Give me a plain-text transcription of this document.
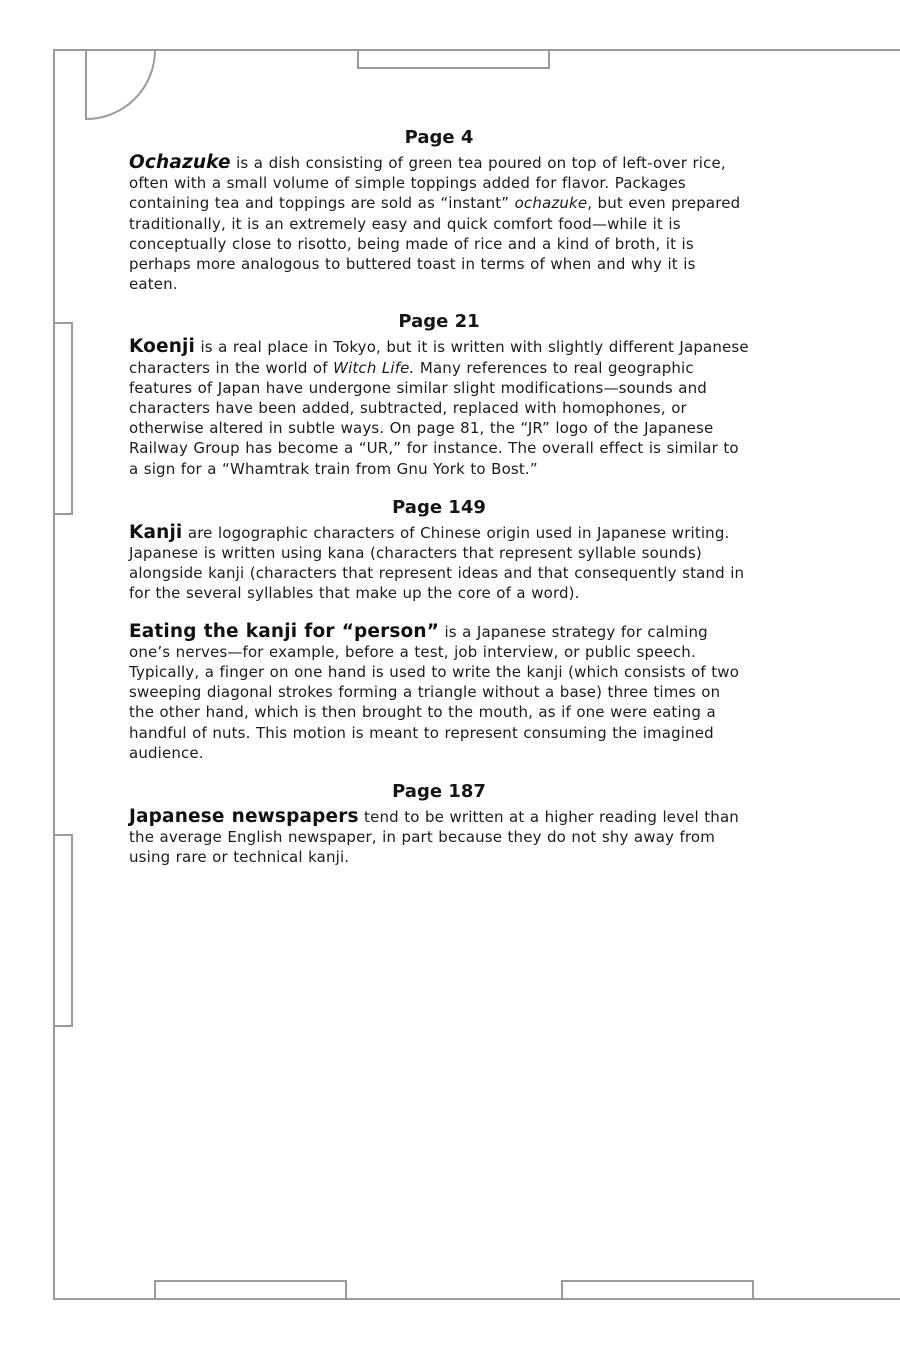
Page 4

Ochazuke is a dish consisting of green tea poured on top of left-over rice, often with a small volume of simple toppings added for flavor. Packages containing tea and toppings are sold as “instant” ochazuke, but even prepared traditionally, it is an extremely easy and quick comfort food—while it is conceptually close to risotto, being made of rice and a kind of broth, it is perhaps more analogous to buttered toast in terms of when and why it is eaten.

Page 21

Koenji is a real place in Tokyo, but it is written with slightly different Japanese characters in the world of Witch Life. Many references to real geographic features of Japan have undergone similar slight modifications—sounds and characters have been added, subtracted, replaced with homophones, or otherwise altered in subtle ways. On page 81, the “JR” logo of the Japanese Railway Group has become a “UR,” for instance. The overall effect is similar to a sign for a “Whamtrak train from Gnu York to Bost.”

Page 149

Kanji are logographic characters of Chinese origin used in Japanese writing. Japanese is written using kana (characters that represent syllable sounds) alongside kanji (characters that represent ideas and that consequently stand in for the several syllables that make up the core of a word).

Eating the kanji for “person” is a Japanese strategy for calming one’s nerves—for example, before a test, job interview, or public speech. Typically, a finger on one hand is used to write the kanji (which consists of two sweeping diagonal strokes forming a triangle without a base) three times on the other hand, which is then brought to the mouth, as if one were eating a handful of nuts. This motion is meant to represent consuming the imagined audience.

Page 187

Japanese newspapers tend to be written at a higher reading level than the average English newspaper, in part because they do not shy away from using rare or technical kanji.
